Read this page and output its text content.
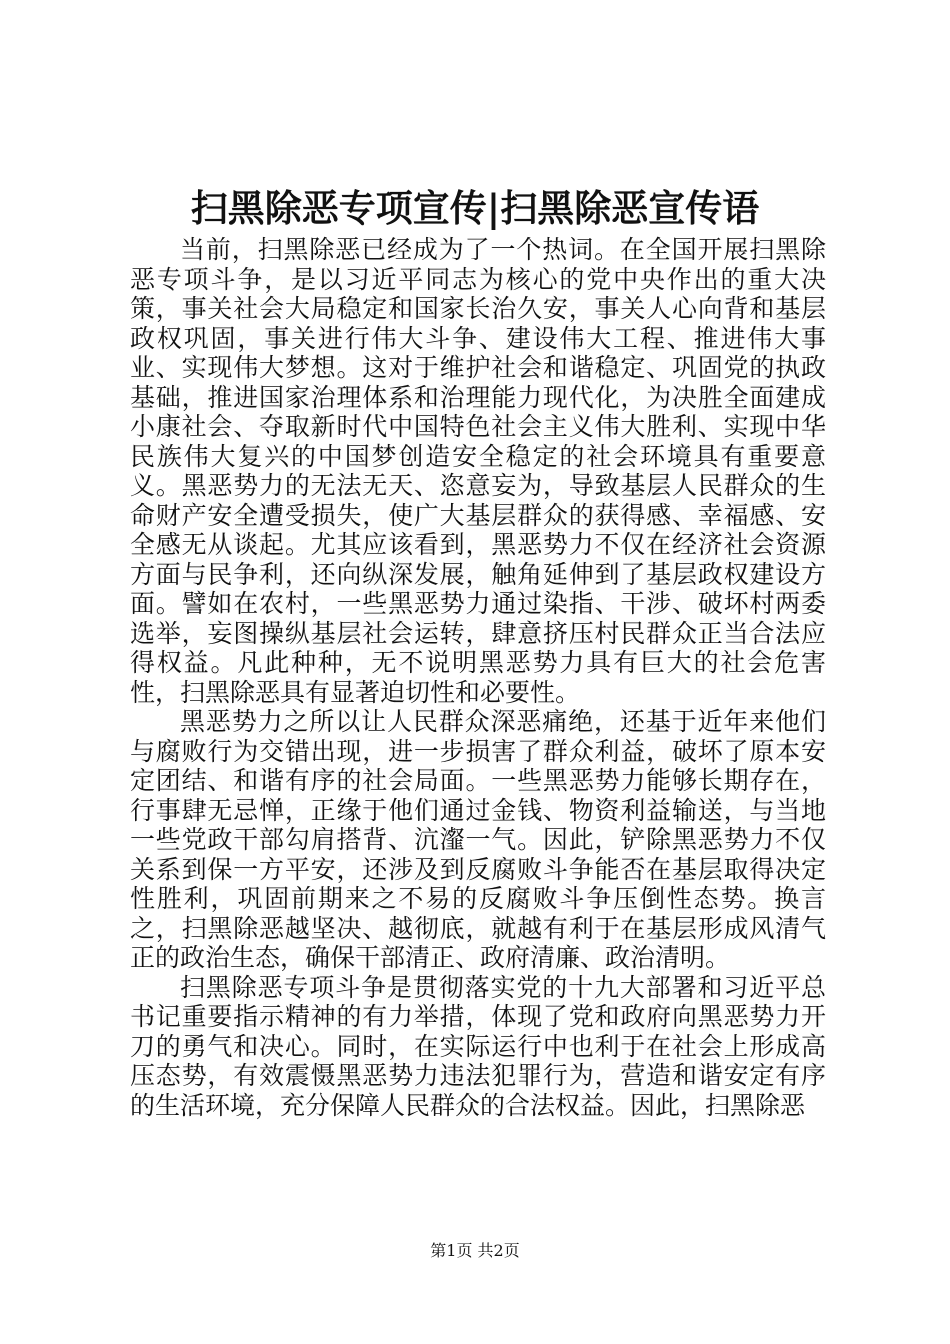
扫黑除恶专项宣传|扫黑除恶宣传语

当前，扫黑除恶已经成为了一个热词。在全国开展扫黑除恶专项斗争，是以习近平同志为核心的党中央作出的重大决策，事关社会大局稳定和国家长治久安，事关人心向背和基层政权巩固，事关进行伟大斗争、建设伟大工程、推进伟大事业、实现伟大梦想。这对于维护社会和谐稳定、巩固党的执政基础，推进国家治理体系和治理能力现代化，为决胜全面建成小康社会、夺取新时代中国特色社会主义伟大胜利、实现中华民族伟大复兴的中国梦创造安全稳定的社会环境具有重要意义。黑恶势力的无法无天、恣意妄为，导致基层人民群众的生命财产安全遭受损失，使广大基层群众的获得感、幸福感、安全感无从谈起。尤其应该看到，黑恶势力不仅在经济社会资源方面与民争利，还向纵深发展，触角延伸到了基层政权建设方面。譬如在农村，一些黑恶势力通过染指、干涉、破坏村两委选举，妄图操纵基层社会运转，肆意挤压村民群众正当合法应得权益。凡此种种，无不说明黑恶势力具有巨大的社会危害性，扫黑除恶具有显著迫切性和必要性。

黑恶势力之所以让人民群众深恶痛绝，还基于近年来他们与腐败行为交错出现，进一步损害了群众利益，破坏了原本安定团结、和谐有序的社会局面。一些黑恶势力能够长期存在，行事肆无忌惮，正缘于他们通过金钱、物资利益输送，与当地一些党政干部勾肩搭背、沆瀣一气。因此，铲除黑恶势力不仅关系到保一方平安，还涉及到反腐败斗争能否在基层取得决定性胜利，巩固前期来之不易的反腐败斗争压倒性态势。换言之，扫黑除恶越坚决、越彻底，就越有利于在基层形成风清气正的政治生态，确保干部清正、政府清廉、政治清明。

扫黑除恶专项斗争是贯彻落实党的十九大部署和习近平总书记重要指示精神的有力举措，体现了党和政府向黑恶势力开刀的勇气和决心。同时，在实际运行中也利于在社会上形成高压态势，有效震慑黑恶势力违法犯罪行为，营造和谐安定有序的生活环境，充分保障人民群众的合法权益。因此，扫黑除恶

第1页 共2页
